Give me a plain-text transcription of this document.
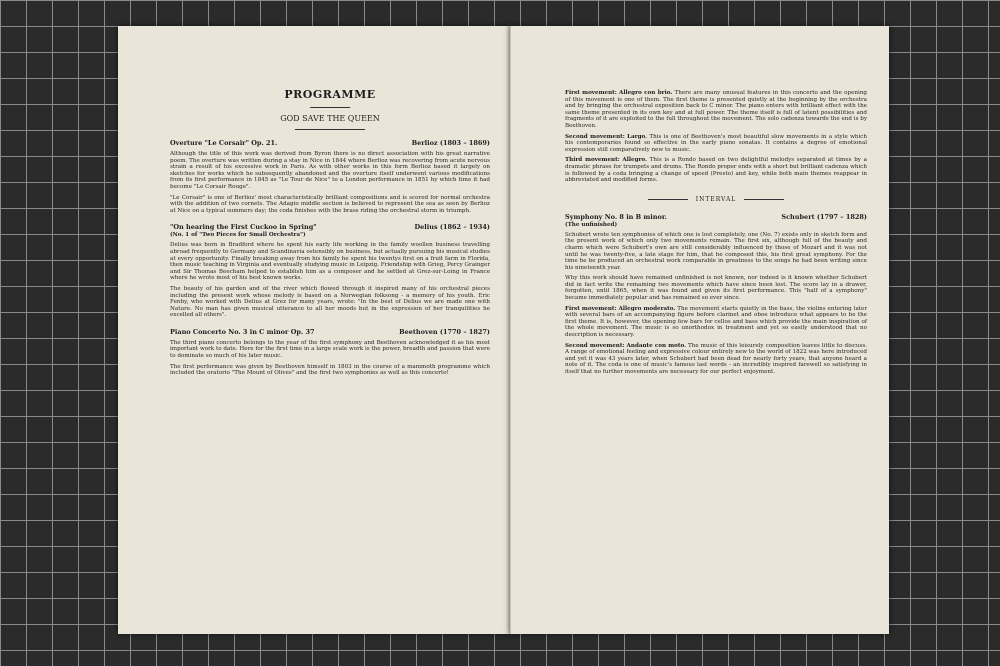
PROGRAMME
GOD SAVE THE QUEEN
Overture "Le Corsair" Op. 21.	Berlioz (1803 – 1869)

Although the title of this work was derived from Byron there is no direct association with his great narrative poem. The overture was written during a stay in Nice in 1844 where Berlioz was recovering from acute nervous strain a result of his excessive work in Paris. As with other works in this form Berlioz based it largely on sketches for works which he subsequently abandoned and the overture itself underwent various modifications from its first performance in 1845 as "Le Tour de Nice" to a London performance in 1851 by which time it had become "Le Corsair Rouge".

"Le Corsair" is one of Berlioz' most characteristically brilliant compositions and is scored for normal orchestra with the addition of two cornets. The Adagio middle section is believed to represent the sea as seen by Berlioz at Nice on a typical summers day; the coda finishes with the brass riding the orchestral storm in triumph.

"On hearing the First Cuckoo in Spring"	Delius (1862 – 1934)
(No. 1 of "Two Pieces for Small Orchestra")

Delius was born in Bradford where he spent his early life working in the family woollen business travelling abroad frequently to Germany and Scandinavia ostensibly on business, but actually pursuing his musical studies at every opportunity. Finally breaking away from his family he spent his twentys first on a fruit farm in Florida, then music teaching in Virginia and eventually studying music in Leipzig. Friendship with Grieg, Percy Grainger and Sir Thomas Beecham helped to establish him as a composer and he settled at Grez-sur-Loing in France where he wrote most of his best known works.

The beauty of his garden and of the river which flowed through it inspired many of his orchestral pieces including the present work whose melody is based on a Norwegian folksong - a memory of his youth. Eric Fenby, who worked with Delius at Grez for many years, wrote: "In the best of Delius we are made one with Nature. No man has given musical utterance to all her moods but in the expression of her tranquilities he excelled all others".

Piano Concerto No. 3 in C minor Op. 37	Beethoven (1770 – 1827)

The third piano concerto belongs to the year of the first symphony and Beethoven acknowledged it as his most important work to date. Here for the first time in a large scale work is the power, breadth and passion that were to dominate so much of his later music.

The first performance was given by Beethoven himself in 1803 in the course of a mammoth programme which included the oratorio "The Mount of Olives" and the first two symphonies as well as this concerto!

First movement: Allegro con brio. There are many unusual features in this concerto and the opening of this movement is one of them. The first theme is presented quietly at the beginning by the orchestra and by bringing the orchestral exposition back to C minor. The piano enters with brilliant effect with the same theme presented in its own key and at full power. The theme itself is full of latent possibilities and fragments of it are exploited to the full throughout the movement. The solo cadenza towards the end is by Beethoven.

Second movement: Largo. This is one of Beethoven's most beautiful slow movements in a style which his contemporaries found so effective in the early piano sonatas. It contains a degree of emotional expression still comparatively new to music.

Third movement: Allegro. This is a Rondo based on two delightful melodys separated at times by a dramatic phrase for trumpets and drums. The Rondo proper ends with a short but brilliant cadenza which is followed by a coda bringing a change of speed (Presto) and key, while both main themes reappear in abbreviated and modified forms.

INTERVAL
Symphony No. 8 in B minor.	Schubert (1797 – 1828)
(The unfinished)

Schubert wrote ten symphonies of which one is lost completely, one (No. 7) exists only in sketch form and the present work of which only two movements remain. The first six, although full of the beauty and charm which were Schubert's own are still considerably influenced by those of Mozart and it was not until he was twenty-five, a late stage for him, that he composed this, his first great symphony. For the time he be produced an orchestral work comparable in greatness to the songs he had been writing since his nineteenth year.

Why this work should have remained unfinished is not known, nor indeed is it known whether Schubert did in fact write the remaining two movements which have since been lost. The score lay in a drawer, forgotten, until 1865, when it was found and given its first performance. This "half of a symphony" became immediately popular and has remained so ever since.

First movement: Allegro moderato. The movement starts quietly in the bass, the violins entering later with several bars of an accompanying figure before clarinet and oboe introduce what appears to be the first theme. It is, however, the opening few bars for cellos and bass which provide the main inspiration of the whole movement. The music is so unorthodox in treatment and yet so easily understood that no description is necessary.

Second movement: Andante con moto. The music of this leisurely composition leaves little to discuss. A range of emotional feeling and expressive colour entirely new to the world of 1822 was here introduced and yet it was 43 years later, when Schubert had been dead for nearly forty years, that anyone heard a note of it. The coda is one of music's famous last words - an incredibly inspired farewell so satisfying in itself that no further movements are necessary for our perfect enjoyment.
